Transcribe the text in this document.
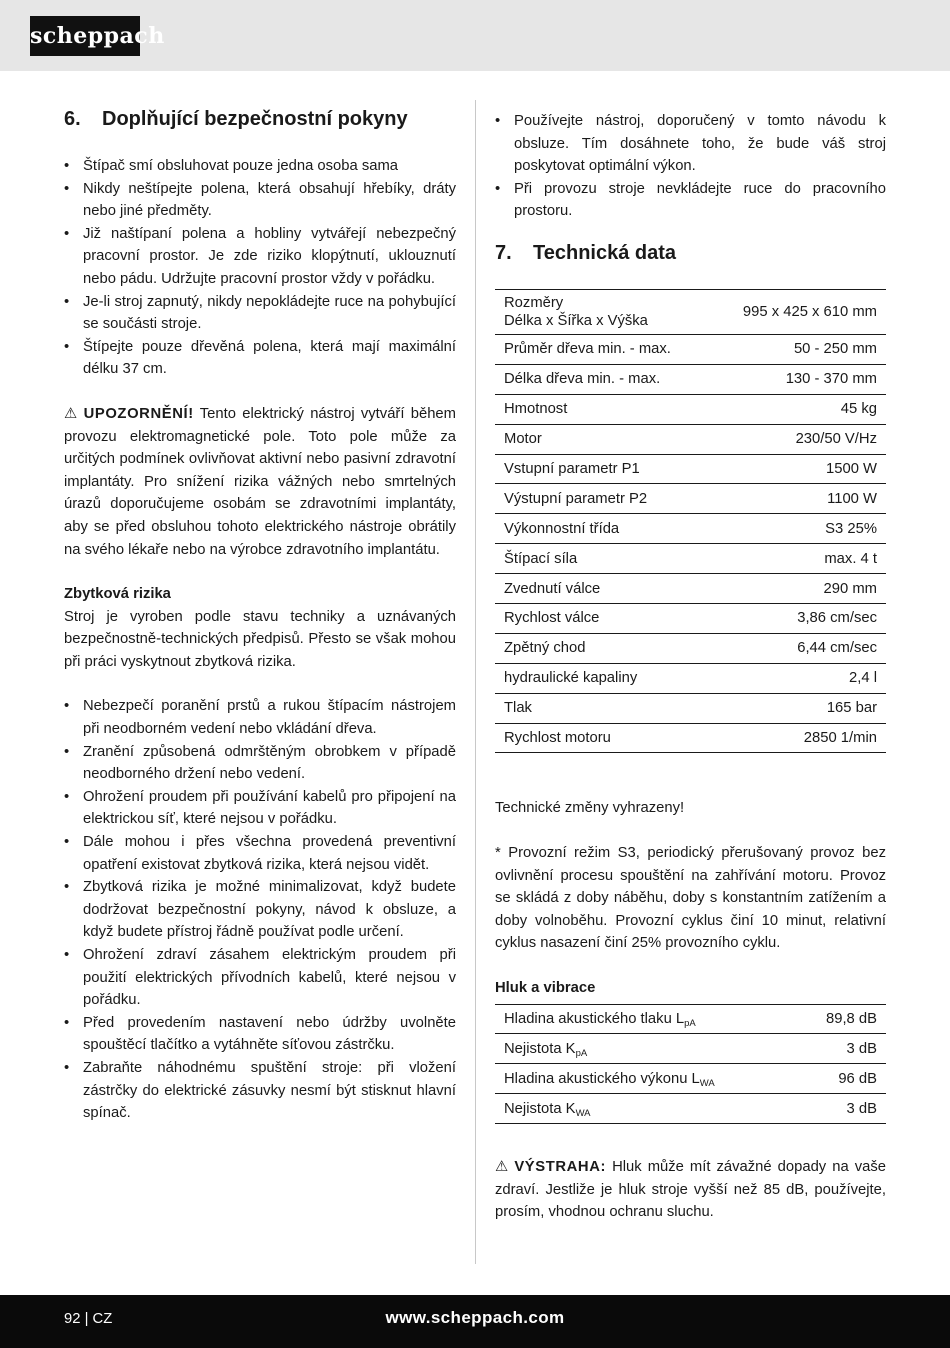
scheppach
6.	Doplňující bezpečnostní pokyny
• Štípač smí obsluhovat pouze jedna osoba sama
• Nikdy neštípejte polena, která obsahují hřebíky, dráty nebo jiné předměty.
• Již naštípaní polena a hobliny vytvářejí nebezpečný pracovní prostor. Je zde riziko klopýtnutí, uklouznutí nebo pádu. Udržujte pracovní prostor vždy v pořádku.
• Je-li stroj zapnutý, nikdy nepokládejte ruce na pohybující se součásti stroje.
• Štípejte pouze dřevěná polena, která mají maximální délku 37 cm.

⚠ UPOZORNĚNÍ! Tento elektrický nástroj vytváří během provozu elektromagnetické pole. Toto pole může za určitých podmínek ovlivňovat aktivní nebo pasivní zdravotní implantáty. Pro snížení rizika vážných nebo smrtelných úrazů doporučujeme osobám se zdravotními implantáty, aby se před obsluhou tohoto elektrického nástroje obrátily na svého lékaře nebo na výrobce zdravotního implantátu.

Zbytková rizika

Stroj je vyroben podle stavu techniky a uznávaných bezpečnostně-technických předpisů. Přesto se však mohou při práci vyskytnout zbytková rizika.

• Nebezpečí poranění prstů a rukou štípacím nástrojem při neodborném vedení nebo vkládání dřeva.
• Zranění způsobená odmrštěným obrobkem v případě neodborného držení nebo vedení.
• Ohrožení proudem při používání kabelů pro připojení na elektrickou síť, které nejsou v pořádku.
• Dále mohou i přes všechna provedená preventivní opatření existovat zbytková rizika, která nejsou vidět.
• Zbytková rizika je možné minimalizovat, když budete dodržovat bezpečnostní pokyny, návod k obsluze, a když budete přístroj řádně používat podle určení.
• Ohrožení zdraví zásahem elektrickým proudem při použití elektrických přívodních kabelů, které nejsou v pořádku.
• Před provedením nastavení nebo údržby uvolněte spouštěcí tlačítko a vytáhněte síťovou zástrčku.
• Zabraňte náhodnému spuštění stroje: při vložení zástrčky do elektrické zásuvky nesmí být stisknut hlavní spínač.
• Používejte nástroj, doporučený v tomto návodu k obsluze. Tím dosáhnete toho, že bude váš stroj poskytovat optimální výkon.
• Při provozu stroje nevkládejte ruce do pracovního prostoru.
7.	Technická data
Rozměry
Délka x Šířka x Výška	995 x 425 x 610 mm
Průměr dřeva min. - max.	50 - 250 mm
Délka dřeva min. - max.	130 - 370 mm
Hmotnost	45 kg
Motor	230/50 V/Hz
Vstupní parametr P1	1500 W
Výstupní parametr P2	1100 W
Výkonnostní třída	S3 25%
Štípací síla	max. 4 t
Zvednutí válce	290 mm
Rychlost válce	3,86 cm/sec
Zpětný chod	6,44 cm/sec
hydraulické kapaliny	2,4 l
Tlak	165 bar
Rychlost motoru	2850 1/min

Technické změny vyhrazeny!

* Provozní režim S3, periodický přerušovaný provoz bez ovlivnění procesu spouštění na zahřívání motoru. Provoz se skládá z doby náběhu, doby s konstantním zatížením a doby volnoběhu. Provozní cyklus činí 10 minut, relativní cyklus nasazení činí 25% provozního cyklu.

Hluk a vibrace
Hladina akustického tlaku $L_{pA}$	89,8 dB
Nejistota $K_{pA}$	3 dB
Hladina akustického výkonu $L_{WA}$	96 dB
Nejistota $K_{WA}$	3 dB

⚠ VÝSTRAHA: Hluk může mít závažné dopady na vaše zdraví. Jestliže je hluk stroje vyšší než 85 dB, používejte, prosím, vhodnou ochranu sluchu.

92 | CZ	www.scheppach.com
